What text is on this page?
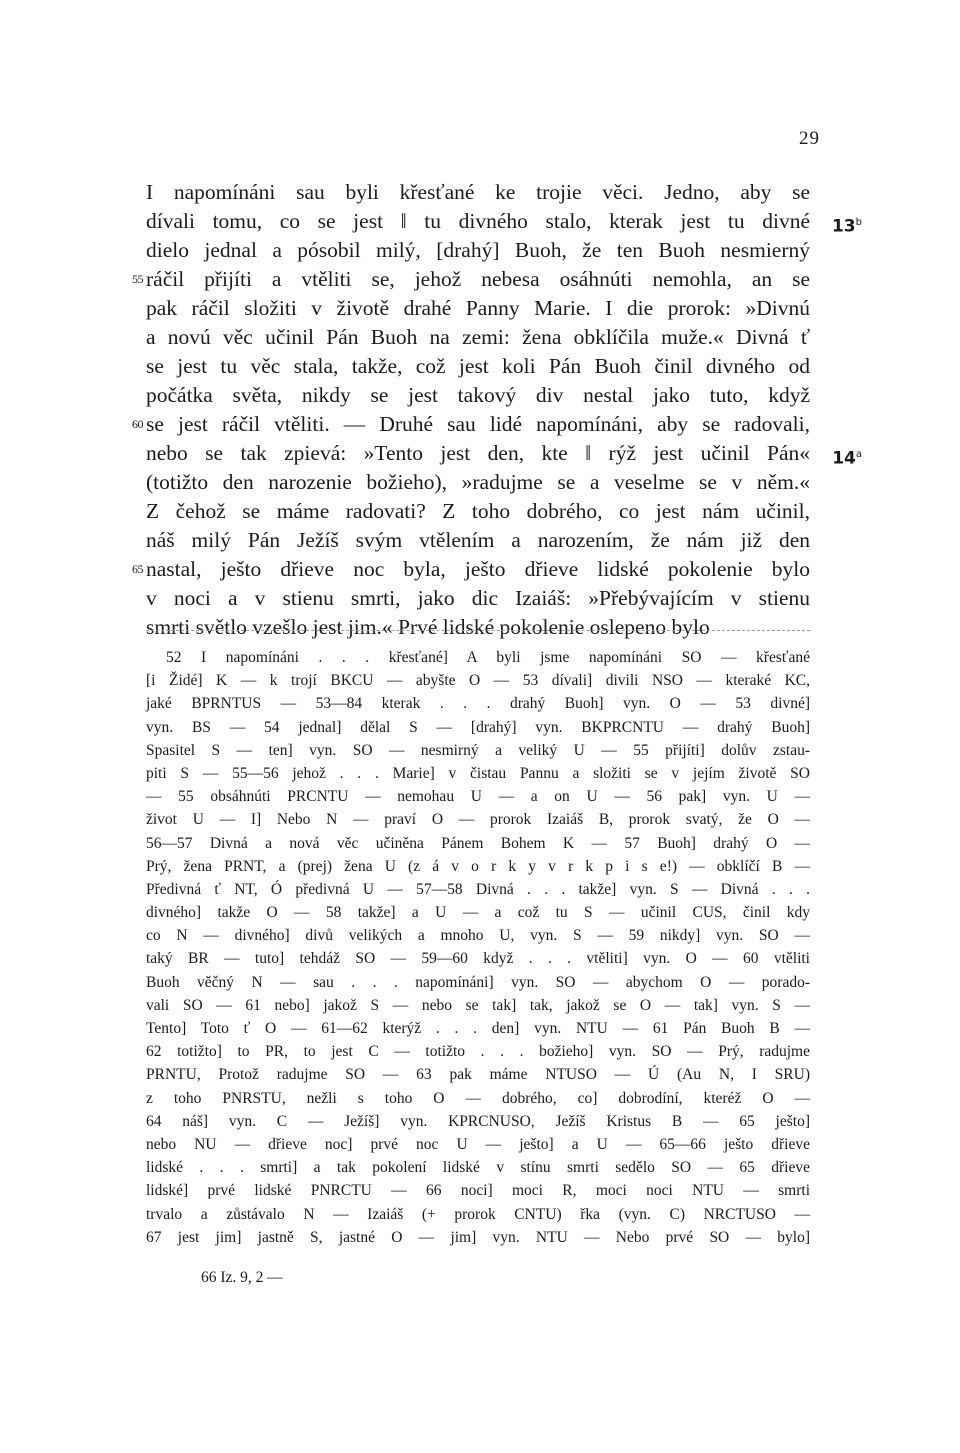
29
I napomínáni sau byli křesťané ke trojie věci. Jedno, aby se
dívali tomu, co se jest ‖ tu divného stalo, kterak jest tu divné 13$^b$
dielo jednal a pósobil milý, [drahý] Buoh, že ten Buoh nesmierný
55 ráčil přijíti a vtěliti se, jehož nebesa osáhnúti nemohla, an se
pak ráčil složiti v životě drahé Panny Marie. I die prorok: »Divnú
a novú věc učinil Pán Buoh na zemi: žena obklíčila muže.« Divná ť
se jest tu věc stala, takže, což jest koli Pán Buoh činil divného od
počátka světa, nikdy se jest takový div nestal jako tuto, když
60 se jest ráčil vtěliti. — Druhé sau lidé napomínáni, aby se radovali,
nebo se tak zpievá: »Tento jest den, kte ‖ rýž jest učinil Pán« 14$^a$
(totižto den narozenie božieho), »radujme se a veselme se v něm.«
Z čehož se máme radovati? Z toho dobrého, co jest nám učinil,
náš milý Pán Ježíš svým vtělením a narozením, že nám již den
65 nastal, ješto dřieve noc byla, ješto dřieve lidské pokolenie bylo
v noci a v stienu smrti, jako dic Izaiáš: »Přebývajícím v stienu
smrti světlo vzešlo jest jim.« Prvé lidské pokolenie oslepeno bylo
52 I napomínáni . . . křesťané] A byli jsme napomínáni SO — křesťané
[i Židé] K — k trojí BKCU — abyšte O — 53 dívali] divili NSO — kteraké KC,
jaké BPRNTUS — 53—84 kterak . . . drahý Buoh] vyn. O — 53 divné]
vyn. BS — 54 jednal] dělal S — [drahý] vyn. BKPRCNTU — drahý Buoh]
Spasitel S — ten] vyn. SO — nesmirný a veliký U — 55 přijíti] dolův zstau-
piti S — 55—56 jehož . . . Marie] v čistau Pannu a složiti se v jejím životě SO
— 55 obsáhnúti PRCNTU — nemohau U — a on U — 56 pak] vyn. U —
život U — I] Nebo N — praví O — prorok Izaiáš B, prorok svatý, že O —
56—57 Divná a nová věc učiněna Pánem Bohem K — 57 Buoh] drahý O —
Prý, žena PRNT, a (prej) žena U (z á v o r k y v r k p i s e!) — obklíčí B —
Předivná ť NT, Ó předivná U — 57—58 Divná . . . takže] vyn. S — Divná . . .
divného] takže O — 58 takže] a U — a což tu S — učinil CUS, činil kdy
co N — divného] divů velikých a mnoho U, vyn. S — 59 nikdy] vyn. SO —
taký BR — tuto] tehdáž SO — 59—60 když . . . vtěliti] vyn. O — 60 vtěliti
Buoh věčný N — sau . . . napomínáni] vyn. SO — abychom O — porado-
vali SO — 61 nebo] jakož S — nebo se tak] tak, jakož se O — tak] vyn. S —
Tento] Toto ť O — 61—62 kterýž . . . den] vyn. NTU — 61 Pán Buoh B —
62 totižto] to PR, to jest C — totižto . . . božieho] vyn. SO — Prý, radujme
PRNTU, Protož radujme SO — 63 pak máme NTUSO — Ú (Au N, I SRU)
z toho PNRSTU, nežli s toho O — dobrého, co] dobrodíní, kteréž O —
64 náš] vyn. C — Ježíš] vyn. KPRCNUSO, Ježíš Kristus B — 65 ješto]
nebo NU — dřieve noc] prvé noc U — ješto] a U — 65—66 ješto dřieve
lidské . . . smrti] a tak pokolení lidské v stínu smrti sedělo SO — 65 dřieve
lidské] prvé lidské PNRCTU — 66 noci] moci R, moci noci NTU — smrti
trvalo a zůstávalo N — Izaiáš (+ prorok CNTU) řka (vyn. C) NRCTUSO —
67 jest jim] jastně S, jastné O — jim] vyn. NTU — Nebo prvé SO — bylo]
66 Iz. 9, 2 —
